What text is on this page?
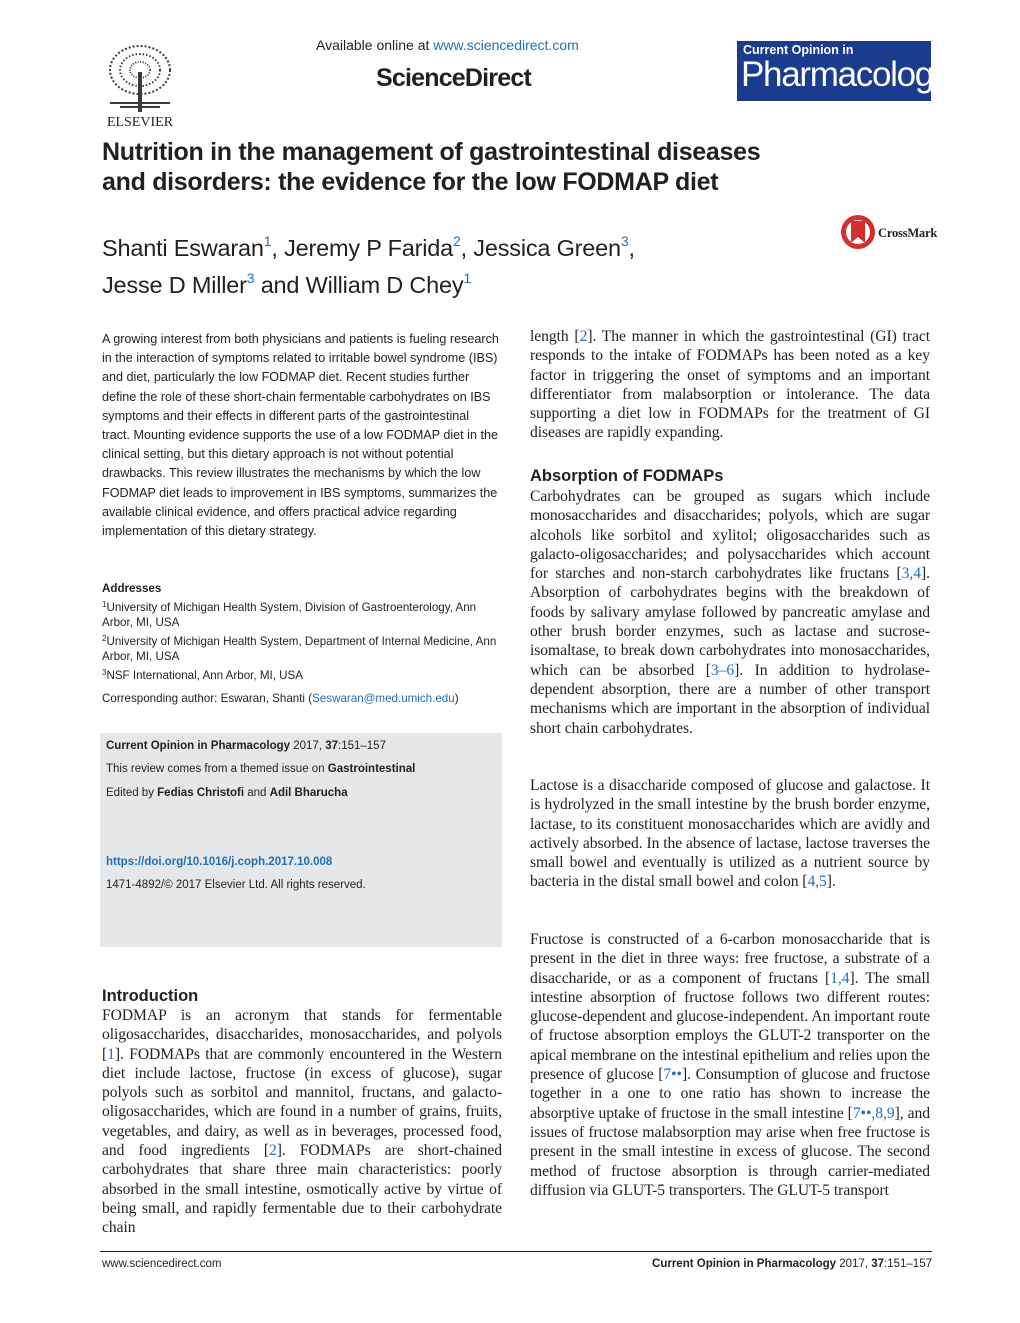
ELSEVIER
Available online at www.sciencedirect.com
ScienceDirect
Current Opinion in
Pharmacology
Nutrition in the management of gastrointestinal diseases and disorders: the evidence for the low FODMAP diet
Shanti Eswaran$^1$, Jeremy P Farida$^2$, Jessica Green$^3$,
Jesse D Miller$^3$ and William D Chey$^1$
CrossMark
A growing interest from both physicians and patients is fueling research in the interaction of symptoms related to irritable bowel syndrome (IBS) and diet, particularly the low FODMAP diet. Recent studies further define the role of these short-chain fermentable carbohydrates on IBS symptoms and their effects in different parts of the gastrointestinal tract. Mounting evidence supports the use of a low FODMAP diet in the clinical setting, but this dietary approach is not without potential drawbacks. This review illustrates the mechanisms by which the low FODMAP diet leads to improvement in IBS symptoms, summarizes the available clinical evidence, and offers practical advice regarding implementation of this dietary strategy.
Addresses
$^1$University of Michigan Health System, Division of Gastroenterology, Ann Arbor, MI, USA
$^2$University of Michigan Health System, Department of Internal Medicine, Ann Arbor, MI, USA
$^3$NSF International, Ann Arbor, MI, USA
Corresponding author: Eswaran, Shanti (Seswaran@med.umich.edu)
Current Opinion in Pharmacology 2017, 37:151–157
This review comes from a themed issue on Gastrointestinal
Edited by Fedias Christofi and Adil Bharucha
https://doi.org/10.1016/j.coph.2017.10.008
1471-4892/© 2017 Elsevier Ltd. All rights reserved.
Introduction
FODMAP is an acronym that stands for fermentable oligosaccharides, disaccharides, monosaccharides, and polyols [1]. FODMAPs that are commonly encountered in the Western diet include lactose, fructose (in excess of glucose), sugar polyols such as sorbitol and mannitol, fructans, and galacto-oligosaccharides, which are found in a number of grains, fruits, vegetables, and dairy, as well as in beverages, processed food, and food ingredients [2]. FODMAPs are short-chained carbohydrates that share three main characteristics: poorly absorbed in the small intestine, osmotically active by virtue of being small, and rapidly fermentable due to their carbohydrate chain
length [2]. The manner in which the gastrointestinal (GI) tract responds to the intake of FODMAPs has been noted as a key factor in triggering the onset of symptoms and an important differentiator from malabsorption or intolerance. The data supporting a diet low in FODMAPs for the treatment of GI diseases are rapidly expanding.
Absorption of FODMAPs
Carbohydrates can be grouped as sugars which include monosaccharides and disaccharides; polyols, which are sugar alcohols like sorbitol and xylitol; oligosaccharides such as galacto-oligosaccharides; and polysaccharides which account for starches and non-starch carbohydrates like fructans [3,4]. Absorption of carbohydrates begins with the breakdown of foods by salivary amylase followed by pancreatic amylase and other brush border enzymes, such as lactase and sucrose-isomaltase, to break down carbohydrates into monosaccharides, which can be absorbed [3–6]. In addition to hydrolase-dependent absorption, there are a number of other transport mechanisms which are important in the absorption of individual short chain carbohydrates.
Lactose is a disaccharide composed of glucose and galactose. It is hydrolyzed in the small intestine by the brush border enzyme, lactase, to its constituent monosaccharides which are avidly and actively absorbed. In the absence of lactase, lactose traverses the small bowel and eventually is utilized as a nutrient source by bacteria in the distal small bowel and colon [4,5].
Fructose is constructed of a 6-carbon monosaccharide that is present in the diet in three ways: free fructose, a substrate of a disaccharide, or as a component of fructans [1,4]. The small intestine absorption of fructose follows two different routes: glucose-dependent and glucose-independent. An important route of fructose absorption employs the GLUT-2 transporter on the apical membrane on the intestinal epithelium and relies upon the presence of glucose [7••]. Consumption of glucose and fructose together in a one to one ratio has shown to increase the absorptive uptake of fructose in the small intestine [7••,8,9], and issues of fructose malabsorption may arise when free fructose is present in the small intestine in excess of glucose. The second method of fructose absorption is through carrier-mediated diffusion via GLUT-5 transporters. The GLUT-5 transport
www.sciencedirect.com	Current Opinion in Pharmacology 2017, 37:151–157
